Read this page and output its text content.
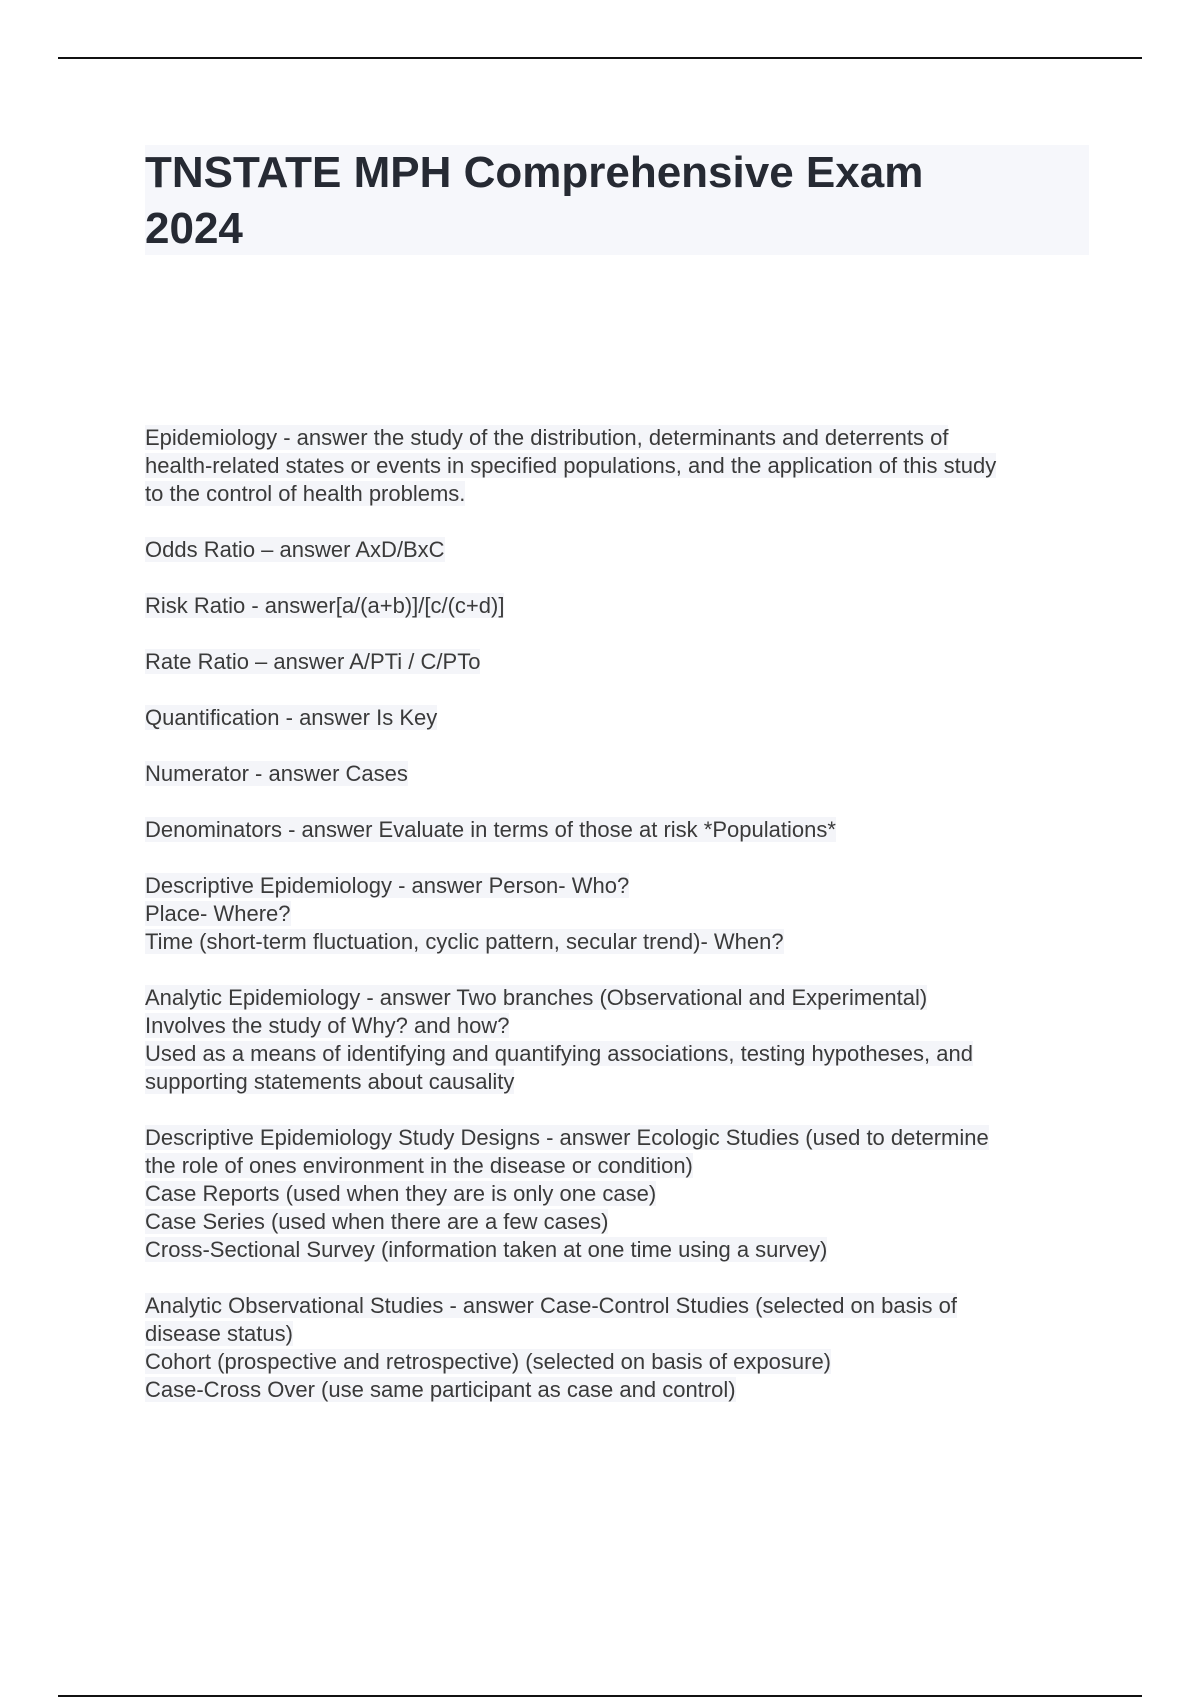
TNSTATE MPH Comprehensive Exam
2024
Epidemiology - answer the study of the distribution, determinants and deterrents of
health-related states or events in specified populations, and the application of this study
to the control of health problems.
Odds Ratio – answer AxD/BxC
Risk Ratio - answer[a/(a+b)]/[c/(c+d)]
Rate Ratio – answer A/PTi / C/PTo
Quantification - answer Is Key
Numerator - answer Cases
Denominators - answer Evaluate in terms of those at risk *Populations*
Descriptive Epidemiology - answer Person- Who?
Place- Where?
Time (short-term fluctuation, cyclic pattern, secular trend)- When?
Analytic Epidemiology - answer Two branches (Observational and Experimental)
Involves the study of Why? and how?
Used as a means of identifying and quantifying associations, testing hypotheses, and
supporting statements about causality
Descriptive Epidemiology Study Designs - answer Ecologic Studies (used to determine
the role of ones environment in the disease or condition)
Case Reports (used when they are is only one case)
Case Series (used when there are a few cases)
Cross-Sectional Survey (information taken at one time using a survey)
Analytic Observational Studies - answer Case-Control Studies (selected on basis of
disease status)
Cohort (prospective and retrospective) (selected on basis of exposure)
Case-Cross Over (use same participant as case and control)
